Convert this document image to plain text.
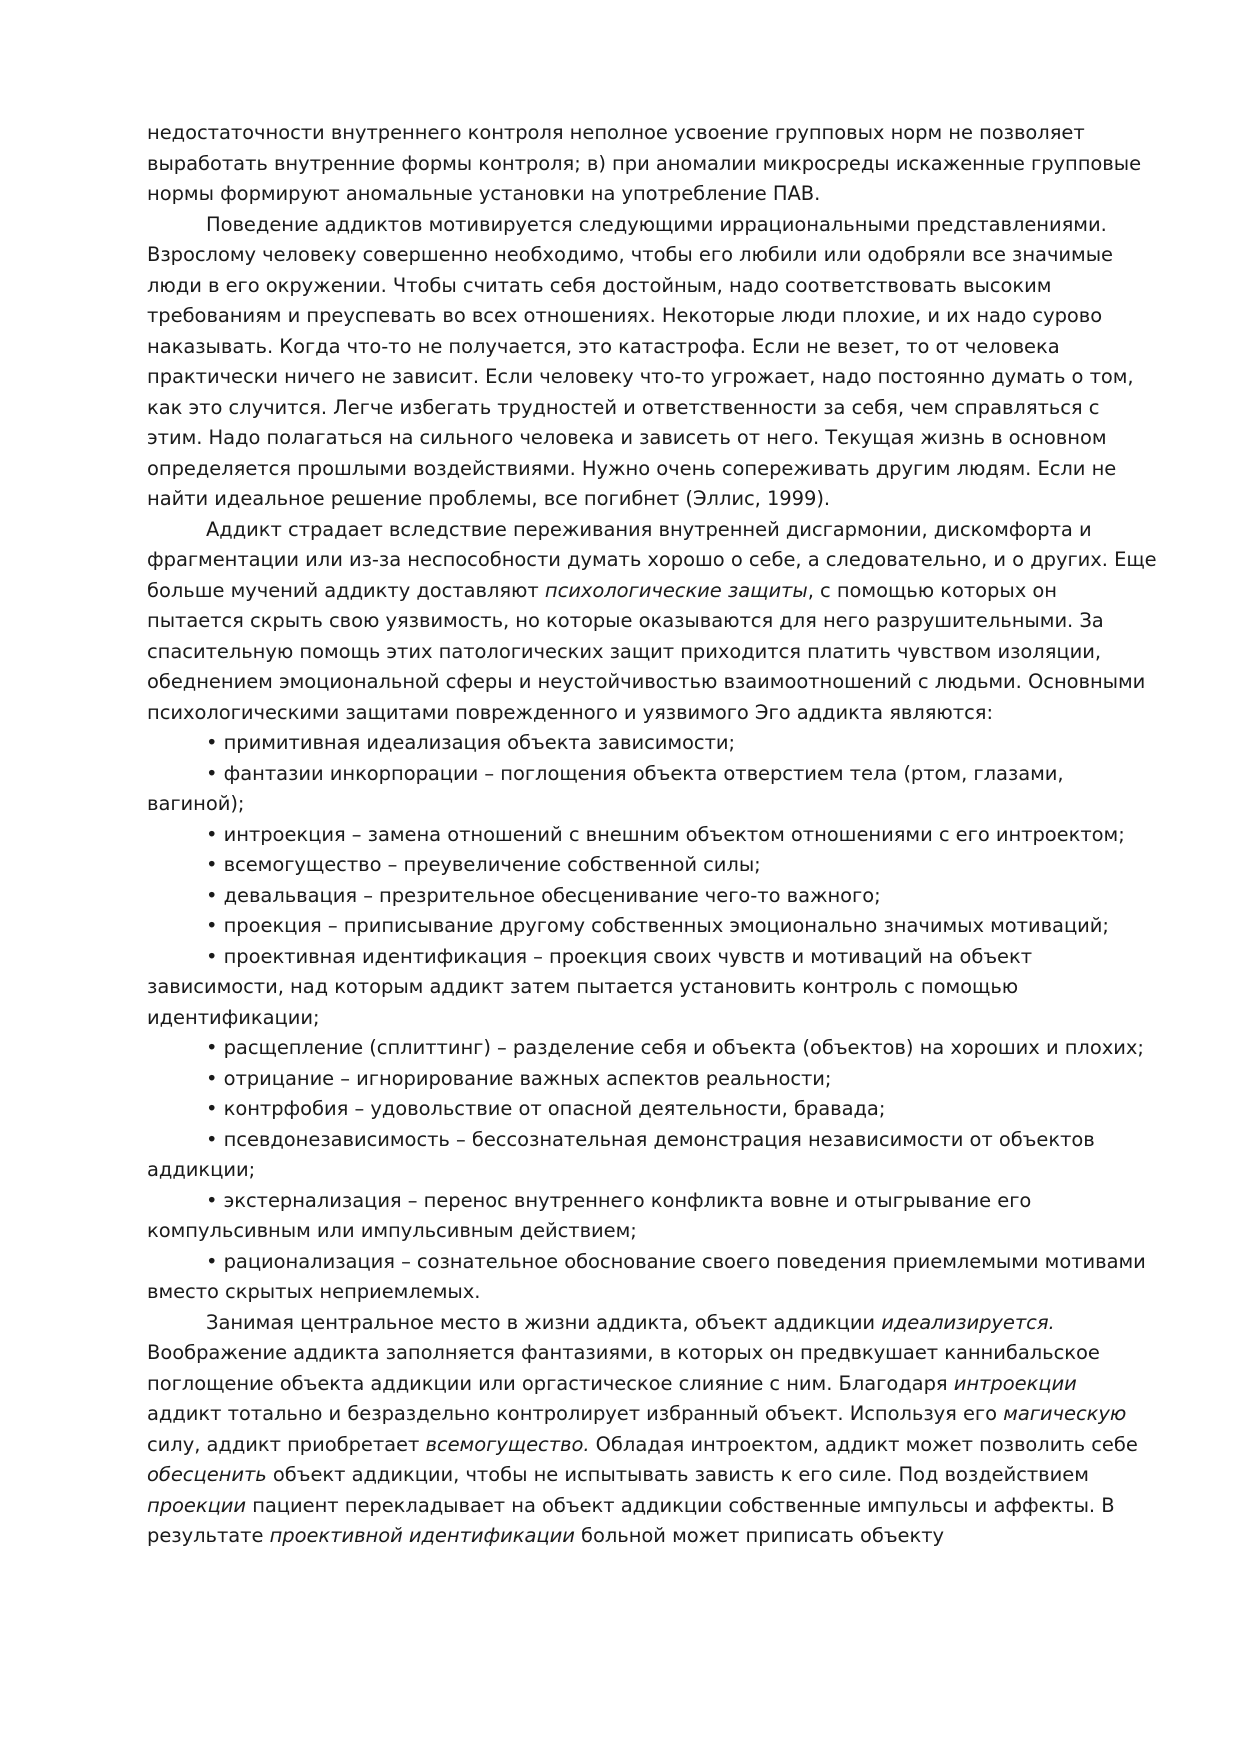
недостаточности внутреннего контроля неполное усвоение групповых норм не позволяет выработать внутренние формы контроля; в) при аномалии микросреды искаженные групповые нормы формируют аномальные установки на употребление ПАВ.

Поведение аддиктов мотивируется следующими иррациональными представлениями. Взрослому человеку совершенно необходимо, чтобы его любили или одобряли все значимые люди в его окружении. Чтобы считать себя достойным, надо соответствовать высоким требованиям и преуспевать во всех отношениях. Некоторые люди плохие, и их надо сурово наказывать. Когда что-то не получается, это катастрофа. Если не везет, то от человека практически ничего не зависит. Если человеку что-то угрожает, надо постоянно думать о том, как это случится. Легче избегать трудностей и ответственности за себя, чем справляться с этим. Надо полагаться на сильного человека и зависеть от него. Текущая жизнь в основном определяется прошлыми воздействиями. Нужно очень сопереживать другим людям. Если не найти идеальное решение проблемы, все погибнет (Эллис, 1999).

Аддикт страдает вследствие переживания внутренней дисгармонии, дискомфорта и фрагментации или из-за неспособности думать хорошо о себе, а следовательно, и о других. Еще больше мучений аддикту доставляют психологические защиты, с помощью которых он пытается скрыть свою уязвимость, но которые оказываются для него разрушительными. За спасительную помощь этих патологических защит приходится платить чувством изоляции, обеднением эмоциональной сферы и неустойчивостью взаимоотношений с людьми. Основными психологическими защитами поврежденного и уязвимого Эго аддикта являются:

• примитивная идеализация объекта зависимости;

• фантазии инкорпорации – поглощения объекта отверстием тела (ртом, глазами, вагиной);

• интроекция – замена отношений с внешним объектом отношениями с его интроектом;

• всемогущество – преувеличение собственной силы;

• девальвация – презрительное обесценивание чего-то важного;

• проекция – приписывание другому собственных эмоционально значимых мотиваций;

• проективная идентификация – проекция своих чувств и мотиваций на объект зависимости, над которым аддикт затем пытается установить контроль с помощью идентификации;

• расщепление (сплиттинг) – разделение себя и объекта (объектов) на хороших и плохих;

• отрицание – игнорирование важных аспектов реальности;

• контрфобия – удовольствие от опасной деятельности, бравада;

• псевдонезависимость – бессознательная демонстрация независимости от объектов аддикции;

• экстернализация – перенос внутреннего конфликта вовне и отыгрывание его компульсивным или импульсивным действием;

• рационализация – сознательное обоснование своего поведения приемлемыми мотивами вместо скрытых неприемлемых.

Занимая центральное место в жизни аддикта, объект аддикции идеализируется. Воображение аддикта заполняется фантазиями, в которых он предвкушает каннибальское поглощение объекта аддикции или оргастическое слияние с ним. Благодаря интроекции аддикт тотально и безраздельно контролирует избранный объект. Используя его магическую силу, аддикт приобретает всемогущество. Обладая интроектом, аддикт может позволить себе обесценить объект аддикции, чтобы не испытывать зависть к его силе. Под воздействием проекции пациент перекладывает на объект аддикции собственные импульсы и аффекты. В результате проективной идентификации больной может приписать объекту
